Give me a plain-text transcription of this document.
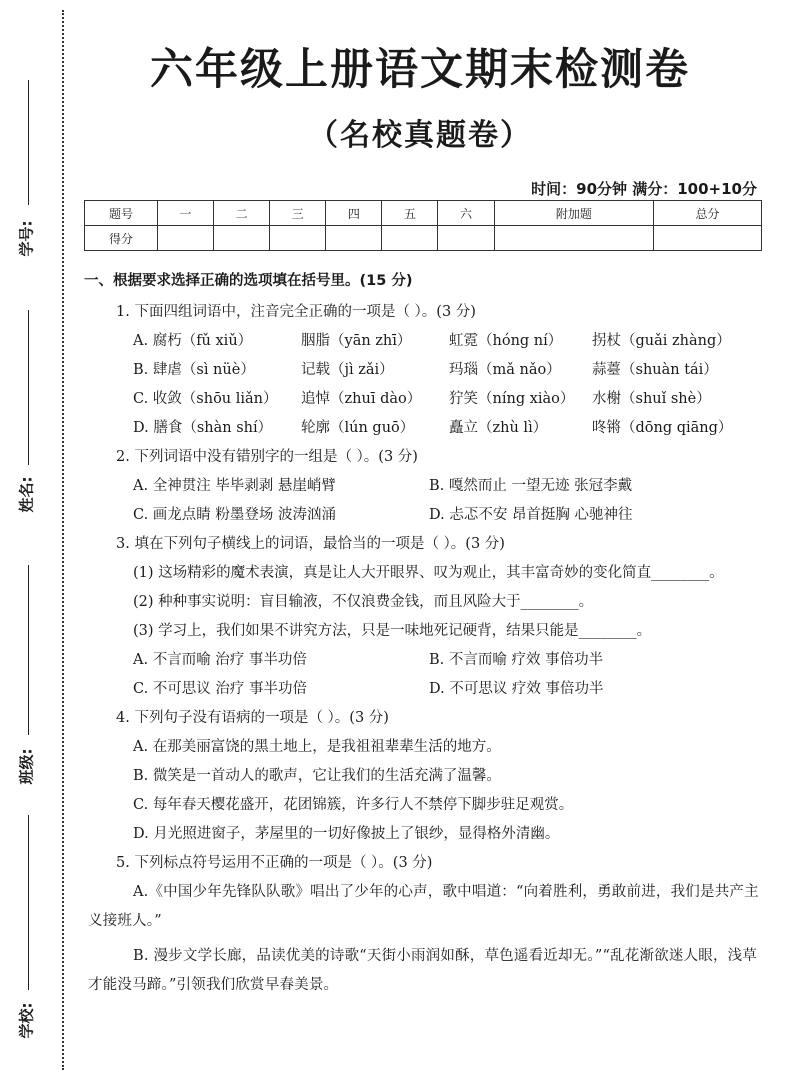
学号:
姓名:
班级:
学校:
六年级上册语文期末检测卷
（名校真题卷）
时间：90分钟 满分：100+10分
题号	一	二	三	四	五	六	附加题	总分
得分								
一、根据要求选择正确的选项填在括号里。(15 分)
1. 下面四组词语中，注音完全正确的一项是（ ）。(3 分)
A. 腐朽（fǔ xiǔ）	胭脂（yān zhī）	虹霓（hóng ní）	拐杖（guǎi zhàng）
B. 肆虐（sì nüè）	记载（jì zǎi）	玛瑙（mǎ nǎo）	蒜薹（shuàn tái）
C. 收敛（shōu liǎn）	追悼（zhuī dào）	狞笑（níng xiào）	水榭（shuǐ shè）
D. 膳食（shàn shí）	轮廓（lún guō）	矗立（zhù lì）	咚锵（dōng qiāng）
2. 下列词语中没有错别字的一组是（ ）。(3 分)
A. 全神贯注 毕毕剥剥 悬崖峭臂	B. 嘎然而止 一望无迹 张冠李戴
C. 画龙点睛 粉墨登场 波涛汹涌	D. 忐忑不安 昂首挺胸 心驰神往
3. 填在下列句子横线上的词语，最恰当的一项是（ ）。(3 分)
(1) 这场精彩的魔术表演，真是让人大开眼界、叹为观止，其丰富奇妙的变化简直________。
(2) 种种事实说明：盲目输液，不仅浪费金钱，而且风险大于________。
(3) 学习上，我们如果不讲究方法，只是一味地死记硬背，结果只能是________。
A. 不言而喻 治疗 事半功倍	B. 不言而喻 疗效 事倍功半
C. 不可思议 治疗 事半功倍	D. 不可思议 疗效 事倍功半
4. 下列句子没有语病的一项是（ ）。(3 分)
A. 在那美丽富饶的黑土地上，是我祖祖辈辈生活的地方。
B. 微笑是一首动人的歌声，它让我们的生活充满了温馨。
C. 每年春天樱花盛开，花团锦簇，许多行人不禁停下脚步驻足观赏。
D. 月光照进窗子，茅屋里的一切好像披上了银纱，显得格外清幽。
5. 下列标点符号运用不正确的一项是（ ）。(3 分)
A.《中国少年先锋队队歌》唱出了少年的心声，歌中唱道：“向着胜利，勇敢前进，我们是共产主义接班人。”
B. 漫步文学长廊，品读优美的诗歌“天街小雨润如酥，草色遥看近却无。”“乱花渐欲迷人眼，浅草才能没马蹄。”引领我们欣赏早春美景。
